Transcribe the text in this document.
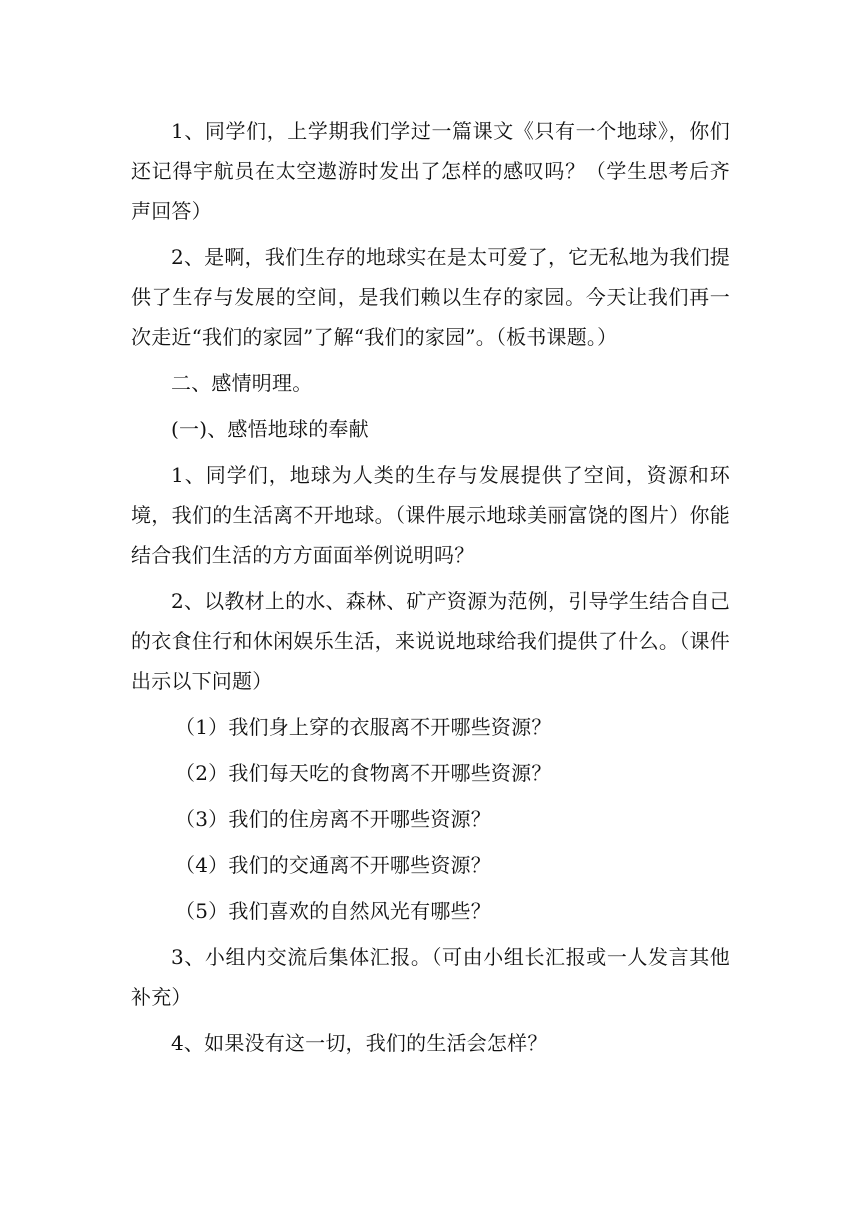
1、同学们，上学期我们学过一篇课文《只有一个地球》，你们还记得宇航员在太空遨游时发出了怎样的感叹吗？（学生思考后齐声回答）

2、是啊，我们生存的地球实在是太可爱了，它无私地为我们提供了生存与发展的空间，是我们赖以生存的家园。今天让我们再一次走近“我们的家园”了解“我们的家园”。（板书课题。）

二、感情明理。

(一)、感悟地球的奉献

1、同学们，地球为人类的生存与发展提供了空间，资源和环境，我们的生活离不开地球。（课件展示地球美丽富饶的图片）你能结合我们生活的方方面面举例说明吗？

2、以教材上的水、森林、矿产资源为范例，引导学生结合自己的衣食住行和休闲娱乐生活，来说说地球给我们提供了什么。（课件出示以下问题）

（1）我们身上穿的衣服离不开哪些资源？

（2）我们每天吃的食物离不开哪些资源？

（3）我们的住房离不开哪些资源？

（4）我们的交通离不开哪些资源？

（5）我们喜欢的自然风光有哪些？

3、小组内交流后集体汇报。（可由小组长汇报或一人发言其他补充）

4、如果没有这一切，我们的生活会怎样？
